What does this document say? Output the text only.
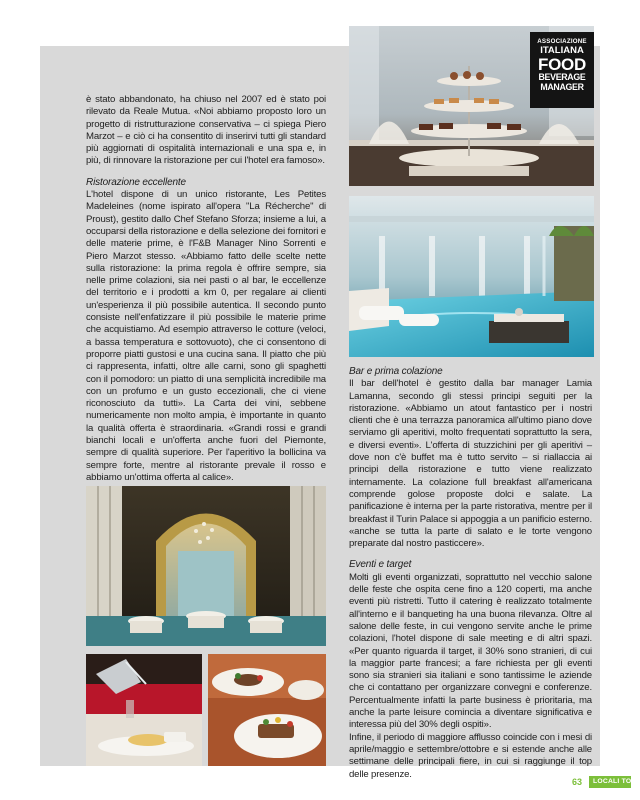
ASSOCIAZIONE
ITALIANA
FOOD
BEVERAGE
MANAGER

è stato abbandonato, ha chiuso nel 2007 ed è stato poi rilevato da Reale Mutua. «Noi abbiamo proposto loro un progetto di ristrutturazione conservativa – ci spiega Piero Marzot – e ciò ci ha consentito di inserirvi tutti gli standard più aggiornati di ospitalità internazionali e una spa e, in più, di rinnovare la ristorazione per cui l'hotel era famoso».

Ristorazione eccellente

L'hotel dispone di un unico ristorante, Les Petites Madeleines (nome ispirato all'opera "La Récherche" di Proust), gestito dallo Chef Stefano Sforza; insieme a lui, a occuparsi della ristorazione e della selezione dei fornitori e delle materie prime, è l'F&B Manager Nino Sorrenti e Piero Marzot stesso. «Abbiamo fatto delle scelte nette sulla ristorazione: la prima regola è offrire sempre, sia nelle prime colazioni, sia nei pasti o al bar, le eccellenze del territorio e i prodotti a km 0, per regalare ai clienti un'esperienza il più possibile autentica. Il secondo punto consiste nell'enfatizzare il più possibile le materie prime che acquistiamo. Ad esempio attraverso le cotture (veloci, a bassa temperatura e sottovuoto), che ci consentono di proporre piatti gustosi e una cucina sana. Il piatto che più ci rappresenta, infatti, oltre alle carni, sono gli spaghetti con il pomodoro: un piatto di una semplicità incredibile ma con un profumo e un gusto eccezionali, che ci viene riconosciuto da tutti». La Carta dei vini, sebbene numericamente non molto ampia, è importante in quanto la qualità offerta è straordinaria. «Grandi rossi e grandi bianchi locali e un'offerta anche fuori del Piemonte, sempre di qualità superiore. Per l'aperitivo la bollicina va sempre forte, mentre al ristorante prevale il rosso e abbiamo un'ottima offerta al calice».

Bar e prima colazione

Il bar dell'hotel è gestito dalla bar manager Lamia Lamanna, secondo gli stessi principi seguiti per la ristorazione. «Abbiamo un atout fantastico per i nostri clienti che è una terrazza panoramica all'ultimo piano dove serviamo gli aperitivi, molto frequentati soprattutto la sera, e diversi eventi». L'offerta di stuzzichini per gli aperitivi – dove non c'è buffet ma è tutto servito – si riallaccia ai principi della ristorazione e tutto viene realizzato internamente. La colazione full breakfast all'americana comprende golose proposte dolci e salate. La panificazione è interna per la parte ristorativa, mentre per il breakfast il Turin Palace si appoggia a un panificio esterno. «anche se tutta la parte di salato e le torte vengono preparate dal nostro pasticcere».

Eventi e target

Molti gli eventi organizzati, soprattutto nel vecchio salone delle feste che ospita cene fino a 120 coperti, ma anche eventi più ristretti. Tutto il catering è realizzato totalmente all'interno e il banqueting ha una buona rilevanza. Oltre al salone delle feste, in cui vengono servite anche le prime colazioni, l'hotel dispone di sale meeting e di altri spazi. «Per quanto riguarda il target, il 30% sono stranieri, di cui la maggior parte francesi; a fare richiesta per gli eventi sono sia stranieri sia italiani e sono tantissime le aziende che ci contattano per organizzare convegni e conferenze. Percentualmente infatti la parte business è prioritaria, ma anche la parte leisure comincia a diventare significativa e interessa più del 30% degli ospiti».

Infine, il periodo di maggiore afflusso coincide con i mesi di aprile/maggio e settembre/ottobre e si estende anche alle settimane delle principali fiere, in cui si raggiunge il top delle presenze.

63	LOCALI TOP
